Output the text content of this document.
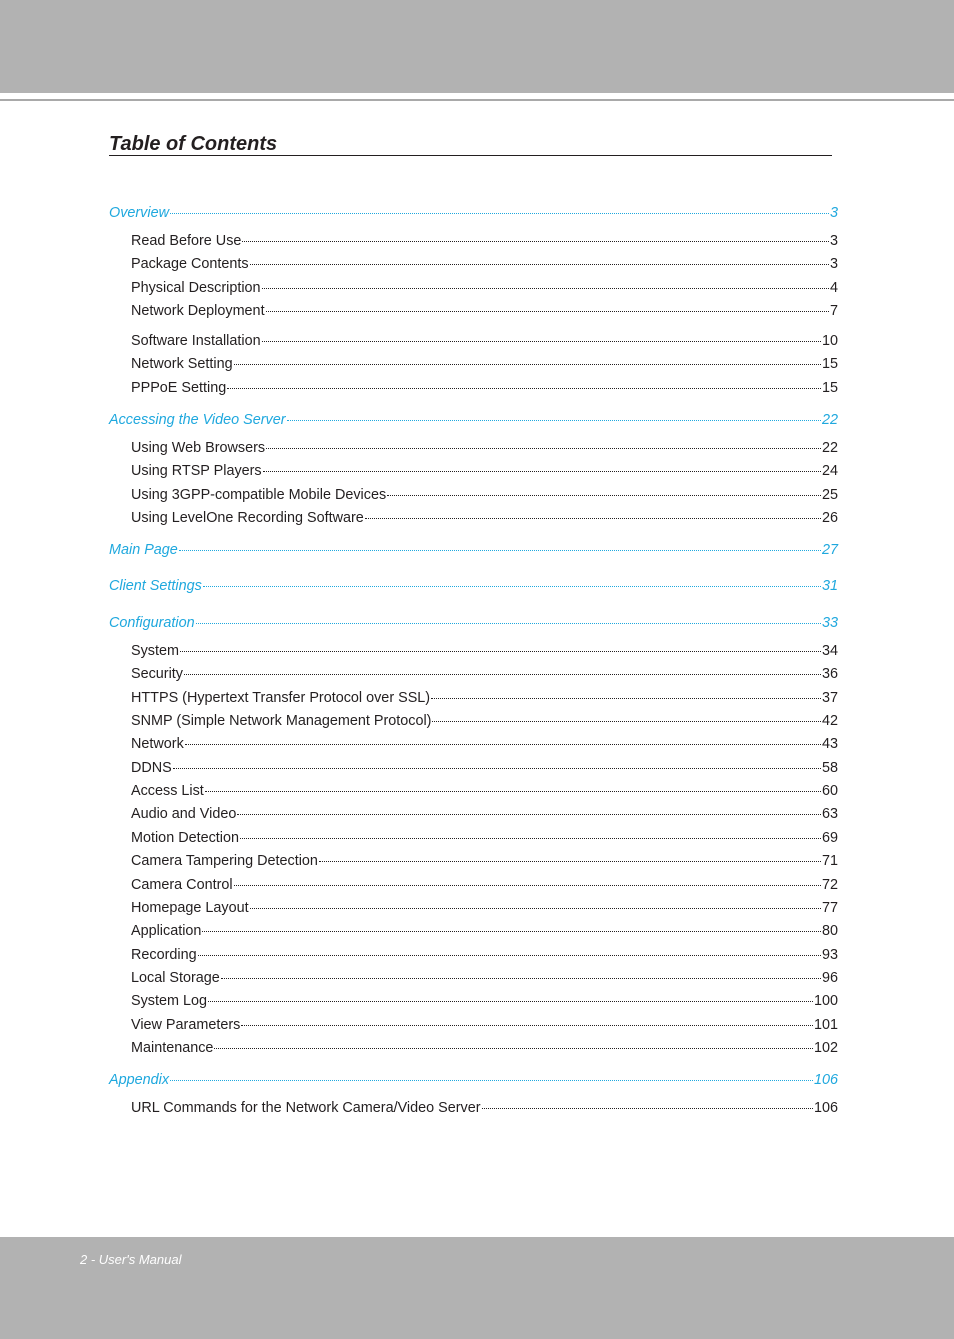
Table of Contents
Overview	3
Read Before Use	3
Package Contents	3
Physical Description	4
Network Deployment	7
Software Installation	10
Network Setting	15
PPPoE Setting	15
Accessing the Video Server	22
Using Web Browsers	22
Using RTSP Players	24
Using 3GPP-compatible Mobile Devices	25
Using LevelOne Recording Software	26
Main Page	27
Client Settings	31
Configuration	33
System	34
Security	36
HTTPS (Hypertext Transfer Protocol over SSL)	37
SNMP (Simple Network Management Protocol)	42
Network	43
DDNS	58
Access List	60
Audio and Video	63
Motion Detection	69
Camera Tampering Detection	71
Camera Control	72
Homepage Layout	77
Application	80
Recording	93
Local Storage	96
System Log	100
View Parameters	101
Maintenance	102
Appendix	106
URL Commands for the Network Camera/Video Server	106
2 - User's Manual
